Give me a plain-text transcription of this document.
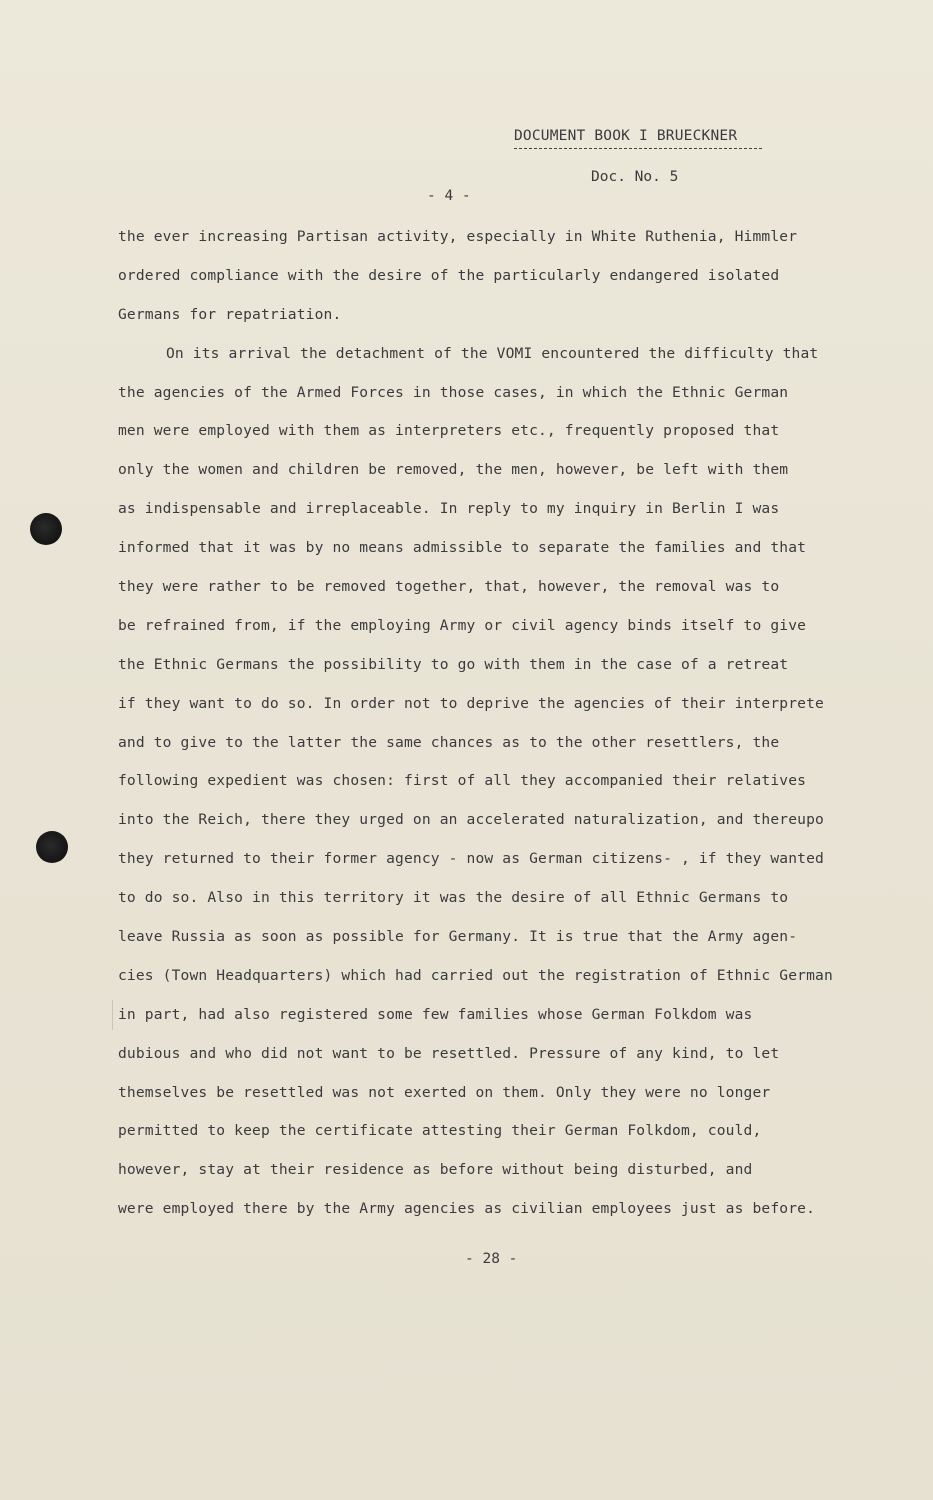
DOCUMENT BOOK I BRUECKNER
Doc. No. 5
- 4 -
the ever increasing Partisan activity, especially in White Ruthenia, Himmler
ordered compliance with the desire of the particularly endangered isolated
Germans for repatriation.
On its arrival the detachment of the VOMI encountered the difficulty that
the agencies of the Armed Forces in those cases, in which the Ethnic German
men were employed with them as interpreters etc., frequently proposed that
only the women and children be removed, the men, however, be left with them
as indispensable and irreplaceable. In reply to my inquiry in Berlin I was
informed that it was by no means admissible to separate the families and that
they were rather to be removed together, that, however, the removal was to
be refrained from, if the employing Army or civil agency binds itself to give
the Ethnic Germans the possibility to go with them in the case of a retreat
if they want to do so. In order not to deprive the agencies of their interprete
and to give to the latter the same chances as to the other resettlers, the
following expedient was chosen: first of all they accompanied their relatives
into the Reich, there they urged on an accelerated naturalization, and thereupo
they returned to their former agency - now as German citizens- , if they wanted
to do so. Also in this territory it was the desire of all Ethnic Germans to
leave Russia as soon as possible for Germany. It is true that the Army agen-
cies (Town Headquarters) which had carried out the registration of Ethnic German
in part, had also registered some few families whose German Folkdom was
dubious and who did not want to be resettled. Pressure of any kind, to let
themselves be resettled was not exerted on them. Only they were no longer
permitted to keep the certificate attesting their German Folkdom, could,
however, stay at their residence as before without being disturbed, and
were employed there by the Army agencies as civilian employees just as before.
- 28 -
